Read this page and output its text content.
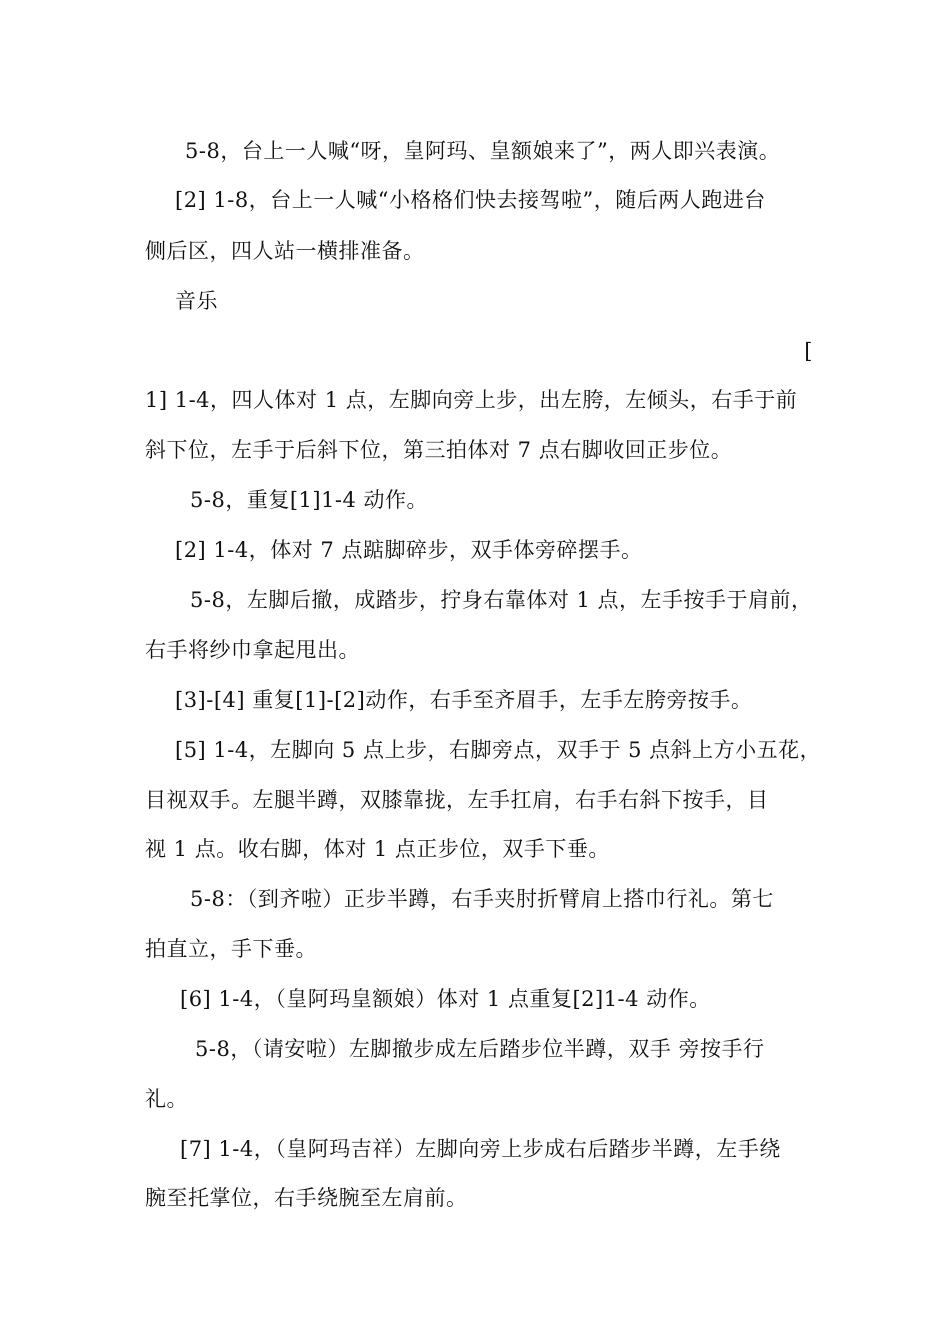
5-8，台上一人喊“呀，皇阿玛、皇额娘来了”，两人即兴表演。
[2] 1-8，台上一人喊“小格格们快去接驾啦”，随后两人跑进台
侧后区，四人站一横排准备。
音乐
[
1] 1-4，四人体对 1 点，左脚向旁上步，出左胯，左倾头，右手于前
斜下位，左手于后斜下位，第三拍体对 7 点右脚收回正步位。
5-8，重复[1]1-4 动作。
[2] 1-4，体对 7 点踮脚碎步，双手体旁碎摆手。
5-8，左脚后撤，成踏步，拧身右靠体对 1 点，左手按手于肩前，
右手将纱巾拿起甩出。
[3]-[4] 重复[1]-[2]动作，右手至齐眉手，左手左胯旁按手。
[5] 1-4，左脚向 5 点上步，右脚旁点，双手于 5 点斜上方小五花，
目视双手。左腿半蹲，双膝靠拢，左手扛肩，右手右斜下按手，目
视 1 点。收右脚，体对 1 点正步位，双手下垂。
5-8：（到齐啦）正步半蹲，右手夹肘折臂肩上搭巾行礼。第七
拍直立，手下垂。
[6] 1-4，（皇阿玛皇额娘）体对 1 点重复[2]1-4 动作。
5-8，（请安啦）左脚撤步成左后踏步位半蹲，双手 旁按手行
礼。
[7] 1-4，（皇阿玛吉祥）左脚向旁上步成右后踏步半蹲，左手绕
腕至托掌位，右手绕腕至左肩前。
